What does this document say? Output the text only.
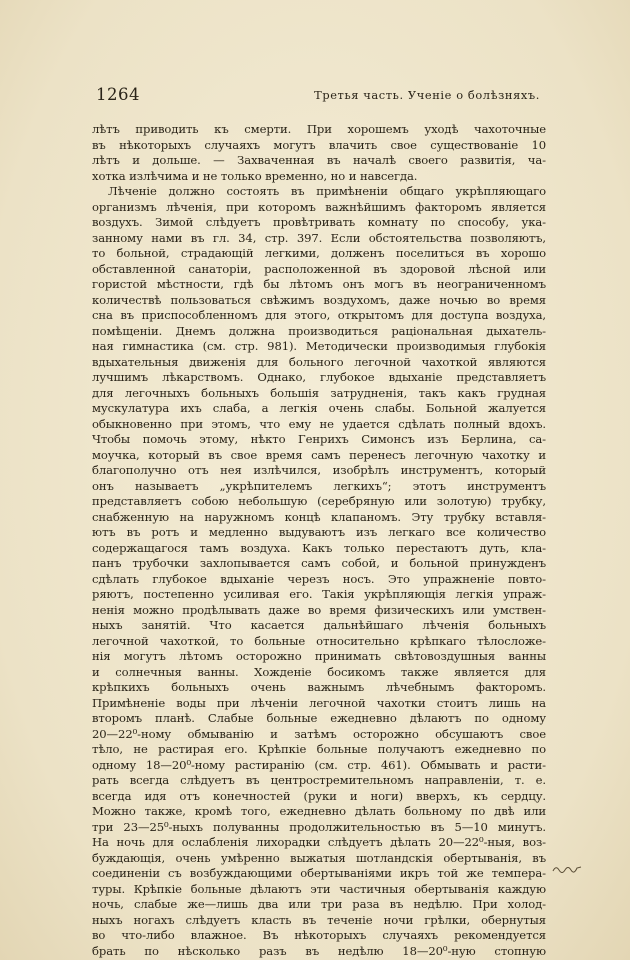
1264	Третья часть. Ученіе о болѣзняхъ.
лѣтъ приводить къ смерти. При хорошемъ уходѣ чахоточные
въ нѣкоторыхъ случаяхъ могутъ влачить свое существованіе 10
лѣтъ и дольше. — Захваченная въ началѣ своего развитія, ча-
хотка излѣчима и не только временно, но и навсегда.
Лѣченіе должно состоять въ примѣненіи общаго укрѣпляющаго
организмъ лѣченія, при которомъ важнѣйшимъ факторомъ является
воздухъ. Зимой слѣдуетъ провѣтривать комнату по способу, ука-
занному нами въ гл. 34, стр. 397. Если обстоятельства позволяютъ,
то больной, страдающій легкими, долженъ поселиться въ хорошо
обставленной санаторіи, расположенной въ здоровой лѣсной или
гористой мѣстности, гдѣ бы лѣтомъ онъ могъ въ неограниченномъ
количествѣ пользоваться свѣжимъ воздухомъ, даже ночью во время
сна въ приспособленномъ для этого, открытомъ для доступа воздуха,
помѣщеніи. Днемъ должна производиться раціональная дыхатель-
ная гимнастика (см. стр. 981). Методически производимыя глубокія
вдыхательныя движенія для больного легочной чахоткой являются
лучшимъ лѣкарствомъ. Однако, глубокое вдыханіе представляетъ
для легочныхъ больныхъ большія затрудненія, такъ какъ грудная
мускулатура ихъ слаба, а легкія очень слабы. Больной жалуется
обыкновенно при этомъ, что ему не удается сдѣлать полный вдохъ.
Чтобы помочь этому, нѣкто Генрихъ Симонсъ изъ Берлина, са-
моучка, который въ свое время самъ перенесъ легочную чахотку и
благополучно отъ нея излѣчился, изобрѣлъ инструментъ, который
онъ называетъ „укрѣпителемъ легкихъ“; этотъ инструментъ
представляетъ собою небольшую (серебряную или золотую) трубку,
снабженную на наружномъ концѣ клапаномъ. Эту трубку вставля-
ютъ въ ротъ и медленно выдуваютъ изъ легкаго все количество
содержащагося тамъ воздуха. Какъ только перестаютъ дуть, кла-
панъ трубочки захлопывается самъ собой, и больной принужденъ
сдѣлать глубокое вдыханіе черезъ носъ. Это упражненіе повто-
ряютъ, постепенно усиливая его. Такія укрѣпляющія легкія упраж-
ненія можно продѣлывать даже во время физическихъ или умствен-
ныхъ занятій. Что касается дальнѣйшаго лѣченія больныхъ
легочной чахоткой, то больные относительно крѣпкаго тѣлосложе-
нія могутъ лѣтомъ осторожно принимать свѣтовоздушныя ванны
и солнечныя ванны. Хожденіе босикомъ также является для
крѣпкихъ больныхъ очень важнымъ лѣчебнымъ факторомъ.
Примѣненіе воды при лѣченіи легочной чахотки стоитъ лишь на
второмъ планѣ. Слабые больные ежедневно дѣлаютъ по одному
20—22⁰-ному обмыванію и затѣмъ осторожно обсушаютъ свое
тѣло, не растирая его. Крѣпкіе больные получаютъ ежедневно по
одному 18—20⁰-ному растиранію (см. стр. 461). Обмывать и расти-
рать всегда слѣдуетъ въ центростремительномъ направленіи, т. е.
всегда идя отъ конечностей (руки и ноги) вверхъ, къ сердцу.
Можно также, кромѣ того, ежедневно дѣлать больному по двѣ или
три 23—25⁰-ныхъ полуванны продолжительностью въ 5—10 минутъ.
На ночь для ослабленія лихорадки слѣдуетъ дѣлать 20—22⁰-ныя, воз-
буждающія, очень умѣренно выжатыя шотландскія обертыванія, въ
соединеніи съ возбуждающими обертываніями икръ той же темпера-
туры. Крѣпкіе больные дѣлаютъ эти частичныя обертыванія каждую
ночь, слабые же—лишь два или три раза въ недѣлю. При холод-
ныхъ ногахъ слѣдуетъ класть въ теченіе ночи грѣлки, обернутыя
во что-либо влажное. Въ нѣкоторыхъ случаяхъ рекомендуется
брать по нѣсколько разъ въ недѣлю 18—20⁰-ную стопную
